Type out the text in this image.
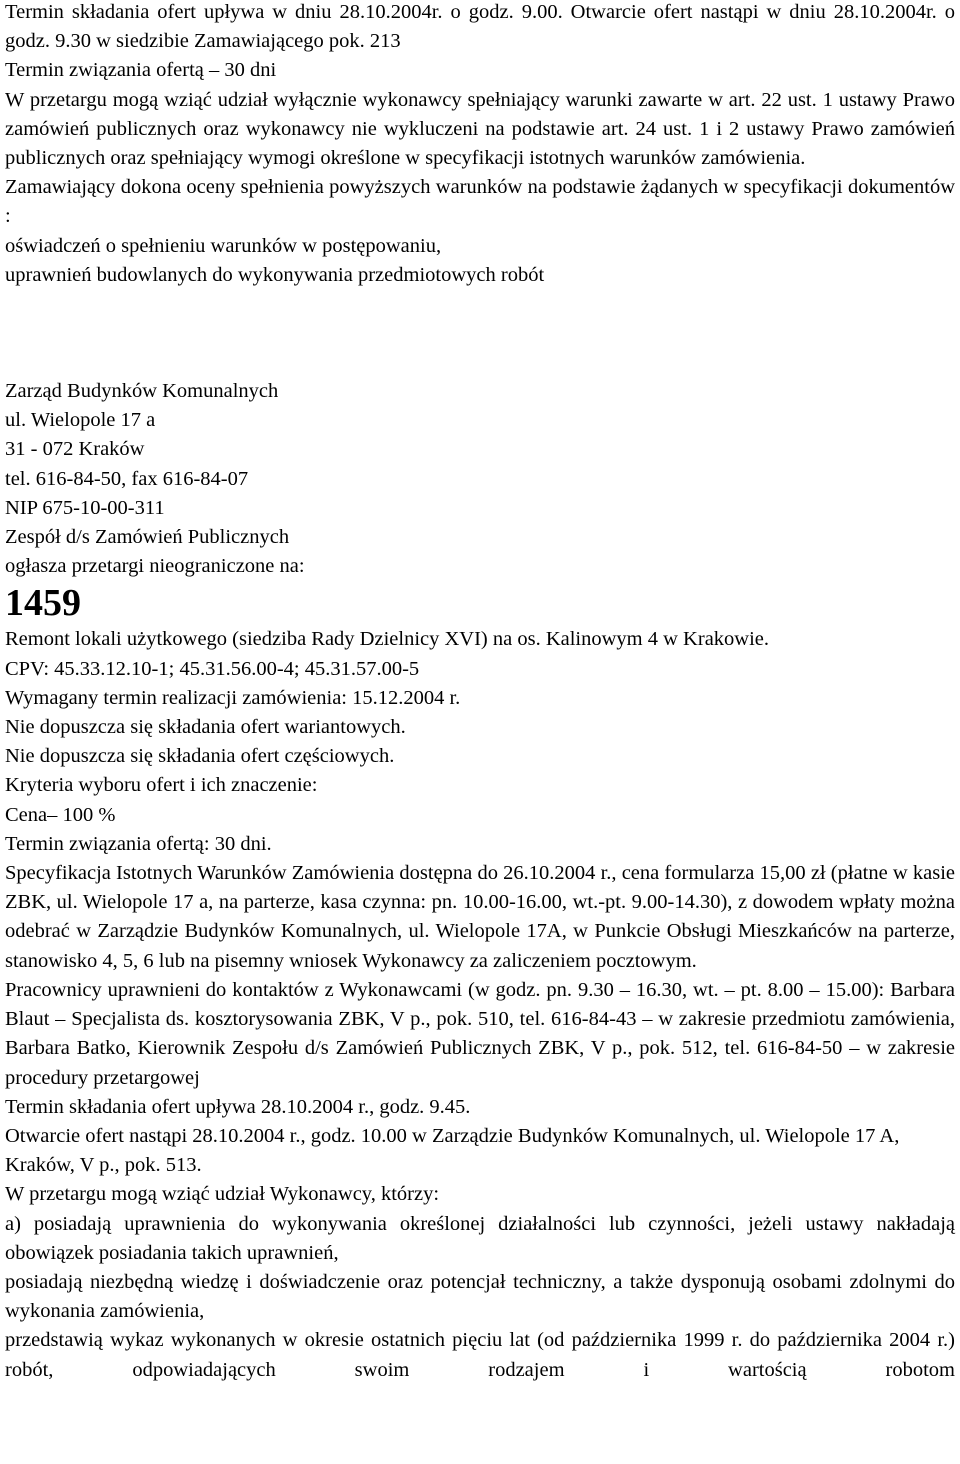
Termin składania ofert upływa w dniu 28.10.2004r. o godz. 9.00. Otwarcie ofert nastąpi w dniu 28.10.2004r. o godz. 9.30 w siedzibie Zamawiającego pok. 213

Termin związania ofertą – 30 dni

W przetargu mogą wziąć udział wyłącznie wykonawcy spełniający warunki zawarte w art. 22 ust. 1 ustawy Prawo zamówień publicznych oraz wykonawcy nie wykluczeni na podstawie art. 24 ust. 1 i 2 ustawy Prawo zamówień publicznych oraz spełniający wymogi określone w specyfikacji istotnych warunków zamówienia.

Zamawiający dokona oceny spełnienia powyższych warunków na podstawie żądanych w specyfikacji dokumentów :

oświadczeń o spełnieniu warunków w postępowaniu,

uprawnień budowlanych do wykonywania przedmiotowych robót

Zarząd Budynków Komunalnych

ul. Wielopole 17 a

31 - 072 Kraków

tel. 616-84-50, fax 616-84-07

NIP 675-10-00-311

Zespół d/s Zamówień Publicznych

ogłasza przetargi nieograniczone na:

1459

Remont lokali użytkowego (siedziba Rady Dzielnicy XVI) na os. Kalinowym 4 w Krakowie.

CPV: 45.33.12.10-1; 45.31.56.00-4; 45.31.57.00-5

Wymagany termin realizacji zamówienia: 15.12.2004 r.

Nie dopuszcza się składania ofert wariantowych.

Nie dopuszcza się składania ofert częściowych.

Kryteria wyboru ofert i ich znaczenie:

Cena– 100 %

Termin związania ofertą: 30 dni.

Specyfikacja Istotnych Warunków Zamówienia dostępna do 26.10.2004 r., cena formularza 15,00 zł (płatne w kasie ZBK, ul. Wielopole 17 a, na parterze, kasa czynna: pn. 10.00-16.00, wt.-pt. 9.00-14.30), z dowodem wpłaty można odebrać w Zarządzie Budynków Komunalnych, ul. Wielopole 17A, w Punkcie Obsługi Mieszkańców na parterze, stanowisko 4, 5, 6 lub na pisemny wniosek Wykonawcy za zaliczeniem pocztowym.

Pracownicy uprawnieni do kontaktów z Wykonawcami (w godz. pn. 9.30 – 16.30, wt. – pt. 8.00 – 15.00): Barbara Blaut – Specjalista ds. kosztorysowania ZBK, V p., pok. 510, tel. 616-84-43 – w zakresie przedmiotu zamówienia, Barbara Batko, Kierownik Zespołu d/s Zamówień Publicznych ZBK, V p., pok. 512, tel. 616-84-50 – w zakresie procedury przetargowej

Termin składania ofert upływa 28.10.2004 r., godz. 9.45.

Otwarcie ofert nastąpi 28.10.2004 r., godz. 10.00 w Zarządzie Budynków Komunalnych, ul. Wielopole 17 A, Kraków, V p., pok. 513.

W przetargu mogą wziąć udział Wykonawcy, którzy:

a) posiadają uprawnienia do wykonywania określonej działalności lub czynności, jeżeli ustawy nakładają obowiązek posiadania takich uprawnień,

posiadają niezbędną wiedzę i doświadczenie oraz potencjał techniczny, a także dysponują osobami zdolnymi do wykonania zamówienia,

przedstawią wykaz wykonanych w okresie ostatnich pięciu lat (od października 1999 r. do października 2004 r.) robót, odpowiadających swoim rodzajem i wartością robotom
